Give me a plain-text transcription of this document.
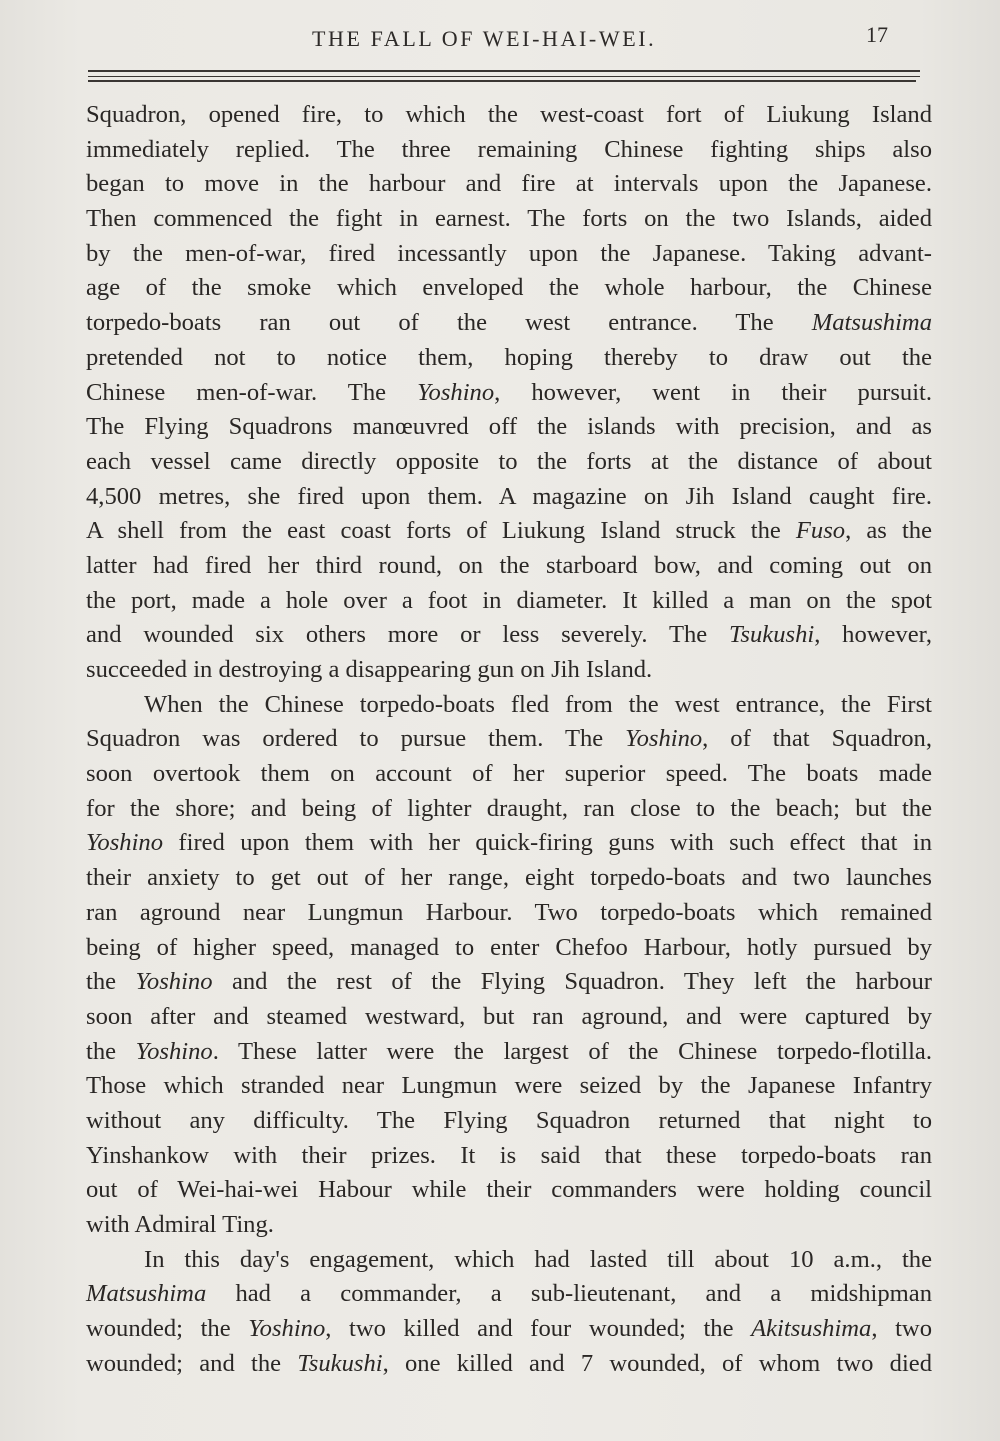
THE FALL OF WEI-HAI-WEI.	17
Squadron, opened fire, to which the west-coast fort of Liukung Island
immediately replied. The three remaining Chinese fighting ships also
began to move in the harbour and fire at intervals upon the Japanese.
Then commenced the fight in earnest. The forts on the two Islands, aided
by the men-of-war, fired incessantly upon the Japanese. Taking advant-
age of the smoke which enveloped the whole harbour, the Chinese
torpedo-boats ran out of the west entrance. The Matsushima
pretended not to notice them, hoping thereby to draw out the
Chinese men-of-war. The Yoshino, however, went in their pursuit.
The Flying Squadrons manœuvred off the islands with precision, and as
each vessel came directly opposite to the forts at the distance of about
4,500 metres, she fired upon them. A magazine on Jih Island caught fire.
A shell from the east coast forts of Liukung Island struck the Fuso, as the
latter had fired her third round, on the starboard bow, and coming out on
the port, made a hole over a foot in diameter. It killed a man on the spot
and wounded six others more or less severely. The Tsukushi, however,
succeeded in destroying a disappearing gun on Jih Island.
When the Chinese torpedo-boats fled from the west entrance, the First
Squadron was ordered to pursue them. The Yoshino, of that Squadron,
soon overtook them on account of her superior speed. The boats made
for the shore; and being of lighter draught, ran close to the beach; but the
Yoshino fired upon them with her quick-firing guns with such effect that in
their anxiety to get out of her range, eight torpedo-boats and two launches
ran aground near Lungmun Harbour. Two torpedo-boats which remained
being of higher speed, managed to enter Chefoo Harbour, hotly pursued by
the Yoshino and the rest of the Flying Squadron. They left the harbour
soon after and steamed westward, but ran aground, and were captured by
the Yoshino. These latter were the largest of the Chinese torpedo-flotilla.
Those which stranded near Lungmun were seized by the Japanese Infantry
without any difficulty. The Flying Squadron returned that night to
Yinshankow with their prizes. It is said that these torpedo-boats ran
out of Wei-hai-wei Habour while their commanders were holding council
with Admiral Ting.
In this day's engagement, which had lasted till about 10 a.m., the
Matsushima had a commander, a sub-lieutenant, and a midshipman
wounded; the Yoshino, two killed and four wounded; the Akitsushima, two
wounded; and the Tsukushi, one killed and 7 wounded, of whom two died
